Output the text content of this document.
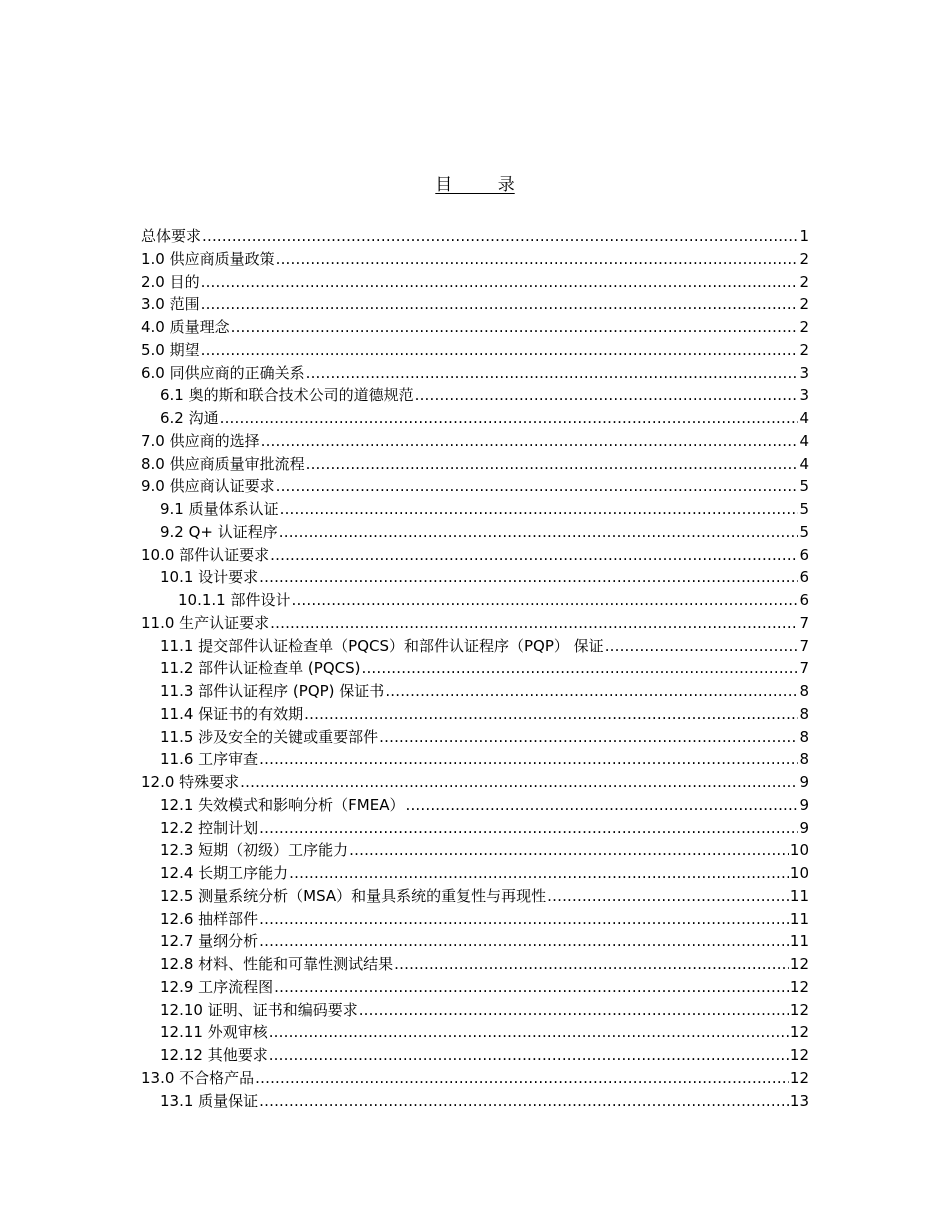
目 录
总体要求 .....	1
1.0 供应商质量政策 .....	2
2.0 目的 .....	2
3.0 范围 .....	2
4.0 质量理念 .....	2
5.0 期望 .....	2
6.0 同供应商的正确关系 .....	3
6.1 奥的斯和联合技术公司的道德规范 .....	3
6.2 沟通 .....	4
7.0 供应商的选择 .....	4
8.0 供应商质量审批流程 .....	4
9.0 供应商认证要求 .....	5
9.1 质量体系认证 .....	5
9.2 Q+ 认证程序 .....	5
10.0 部件认证要求 .....	6
10.1 设计要求 .....	6
10.1.1 部件设计 .....	6
11.0 生产认证要求 .....	7
11.1 提交部件认证检查单（PQCS）和部件认证程序（PQP） 保证 .....	7
11.2 部件认证检查单 (PQCS) .....	7
11.3 部件认证程序 (PQP) 保证书 .....	8
11.4 保证书的有效期 .....	8
11.5 涉及安全的关键或重要部件 .....	8
11.6 工序审查 .....	8
12.0 特殊要求 .....	9
12.1 失效模式和影响分析（FMEA） .....	9
12.2 控制计划 .....	9
12.3 短期（初级）工序能力 .....	10
12.4 长期工序能力 .....	10
12.5 测量系统分析（MSA）和量具系统的重复性与再现性 .....	11
12.6 抽样部件 .....	11
12.7 量纲分析 .....	11
12.8 材料、性能和可靠性测试结果 .....	12
12.9 工序流程图 .....	12
12.10 证明、证书和编码要求 .....	12
12.11 外观审核 .....	12
12.12 其他要求 .....	12
13.0 不合格产品 .....	12
13.1 质量保证 .....	13
